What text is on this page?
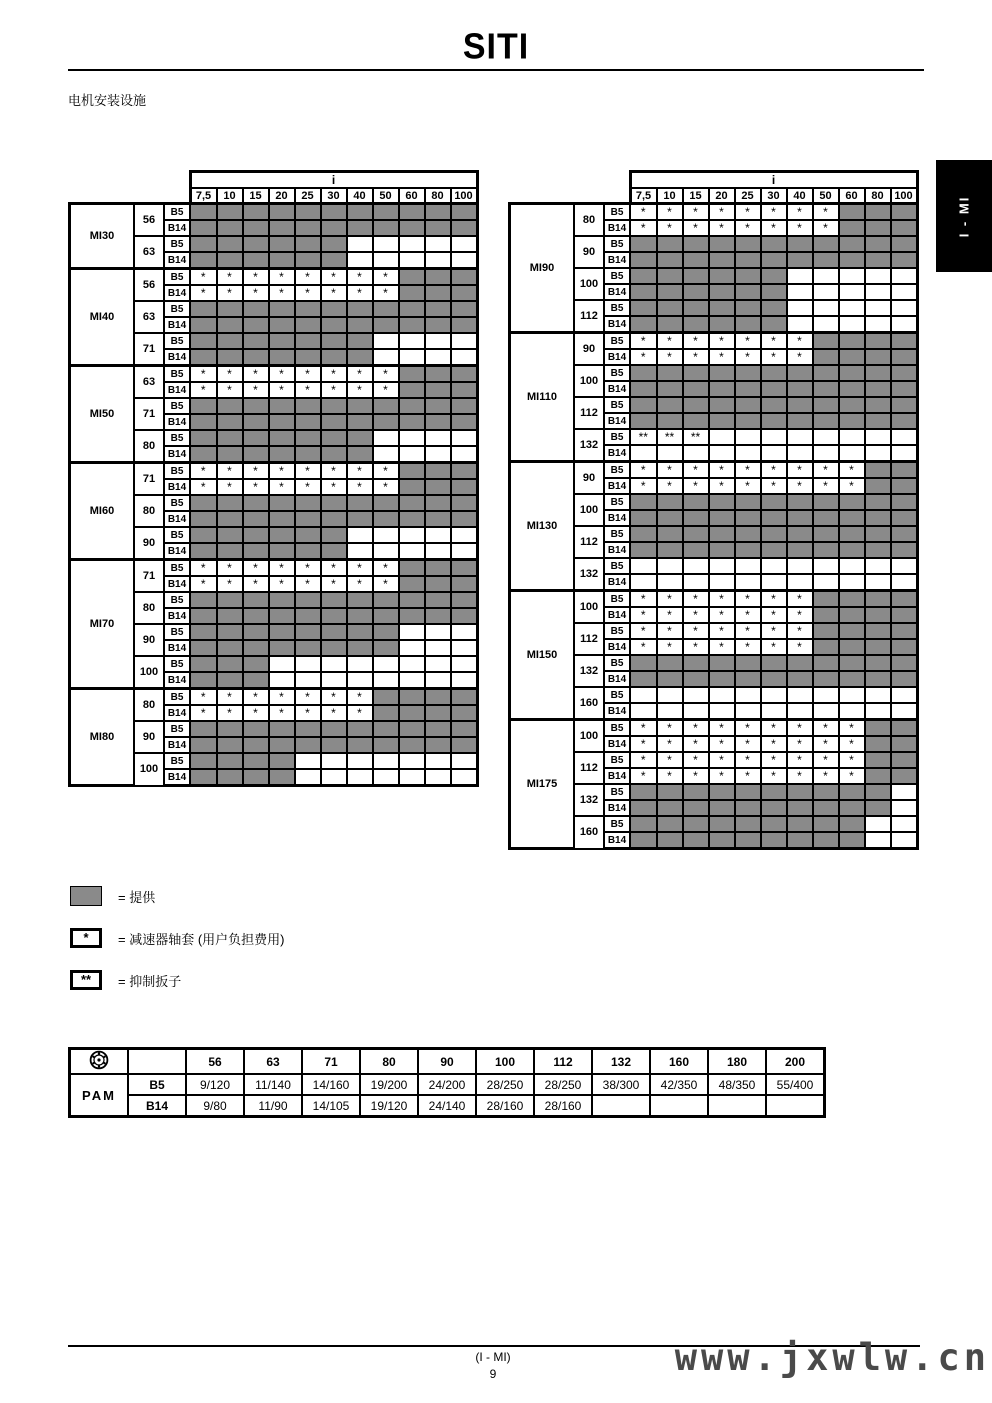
SITI
电机安装设施
I - MI
			i										
			7,5	10	15	20	25	30	40	50	60	80	100
MI30	56	B5											
		B14											
	63	B5											
		B14											
MI40	56	B5	*	*	*	*	*	*	*	*			
		B14	*	*	*	*	*	*	*	*			
	63	B5											
		B14											
	71	B5											
		B14											
MI50	63	B5	*	*	*	*	*	*	*	*			
		B14	*	*	*	*	*	*	*	*			
	71	B5											
		B14											
	80	B5											
		B14											
MI60	71	B5	*	*	*	*	*	*	*	*			
		B14	*	*	*	*	*	*	*	*			
	80	B5											
		B14											
	90	B5											
		B14											
MI70	71	B5	*	*	*	*	*	*	*	*			
		B14	*	*	*	*	*	*	*	*			
	80	B5											
		B14											
	90	B5											
		B14											
	100	B5											
		B14											
MI80	80	B5	*	*	*	*	*	*	*				
		B14	*	*	*	*	*	*	*				
	90	B5											
		B14											
	100	B5											
		B14											
			i										
			7,5	10	15	20	25	30	40	50	60	80	100
MI90	80	B5	*	*	*	*	*	*	*	*			
		B14	*	*	*	*	*	*	*	*			
	90	B5											
		B14											
	100	B5											
		B14											
	112	B5											
		B14											
MI110	90	B5	*	*	*	*	*	*	*				
		B14	*	*	*	*	*	*	*				
	100	B5											
		B14											
	112	B5											
		B14											
	132	B5	**	**	**								
		B14											
MI130	90	B5	*	*	*	*	*	*	*	*	*		
		B14	*	*	*	*	*	*	*	*	*		
	100	B5											
		B14											
	112	B5											
		B14											
	132	B5											
		B14											
MI150	100	B5	*	*	*	*	*	*	*				
		B14	*	*	*	*	*	*	*				
	112	B5	*	*	*	*	*	*	*				
		B14	*	*	*	*	*	*	*				
	132	B5											
		B14											
	160	B5											
		B14											
MI175	100	B5	*	*	*	*	*	*	*	*	*		
		B14	*	*	*	*	*	*	*	*	*		
	112	B5	*	*	*	*	*	*	*	*	*		
		B14	*	*	*	*	*	*	*	*	*		
	132	B5											
		B14											
	160	B5											
		B14											
= 提供
*	= 减速器轴套 (用户负担费用)
**	= 抑制扳子
		56	63	71	80	90	100	112	132	160	180	200
PAM	B5	9/120	11/140	14/160	19/200	24/200	28/250	28/250	38/300	42/350	48/350	55/400
	B14	9/80	11/90	14/105	19/120	24/140	28/160	28/160				
(I - MI)
9	www.jxwlw.cn
